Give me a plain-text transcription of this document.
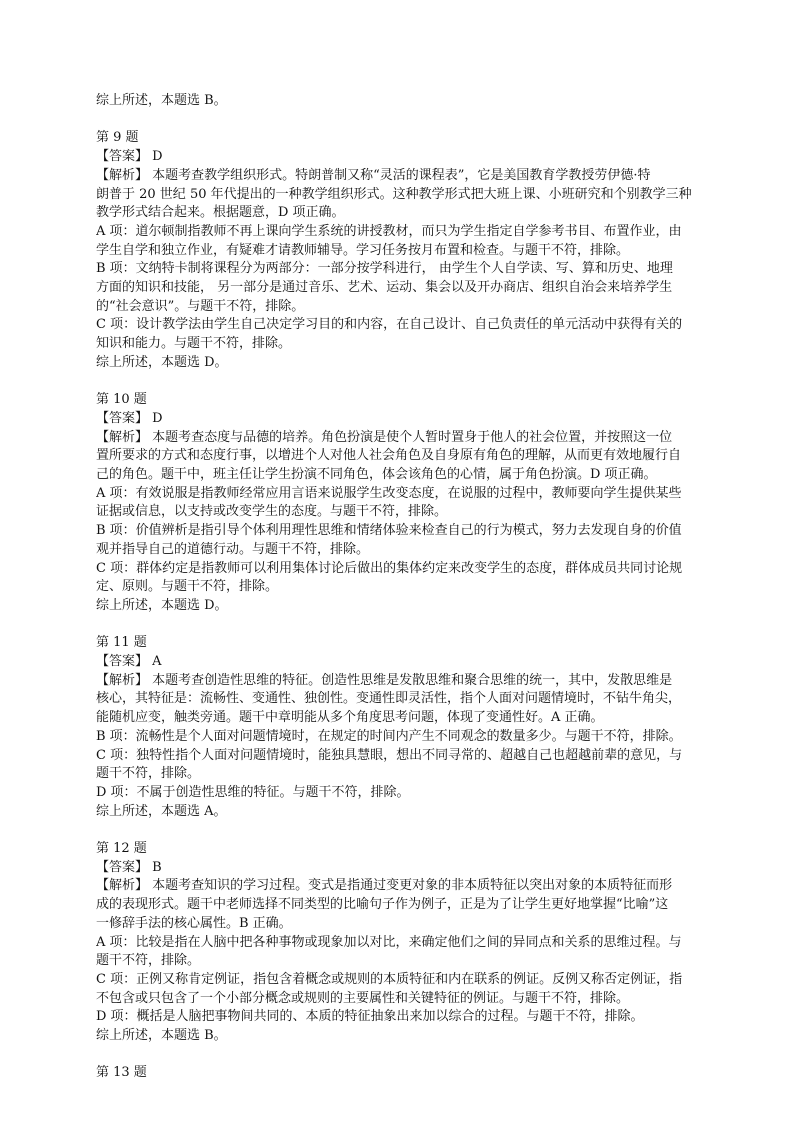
综上所述，本题选 B。
第 9 题
【答案】 D
【解析】 本题考查教学组织形式。特朗普制又称“灵活的课程表”，它是美国教育学教授劳伊德·特
朗普于 20 世纪 50 年代提出的一种教学组织形式。这种教学形式把大班上课、小班研究和个别教学三种
教学形式结合起来。根据题意，D 项正确。
A 项：道尔顿制指教师不再上课向学生系统的讲授教材，而只为学生指定自学参考书目、布置作业，由
学生自学和独立作业，有疑难才请教师辅导。学习任务按月布置和检查。与题干不符，排除。
B 项：文纳特卡制将课程分为两部分：一部分按学科进行， 由学生个人自学读、写、算和历史、地理
方面的知识和技能， 另一部分是通过音乐、艺术、运动、集会以及开办商店、组织自治会来培养学生
的“社会意识”。与题干不符，排除。
C 项：设计教学法由学生自己决定学习目的和内容，在自己设计、自己负责任的单元活动中获得有关的
知识和能力。与题干不符，排除。
综上所述，本题选 D。
第 10 题
【答案】 D
【解析】 本题考查态度与品德的培养。角色扮演是使个人暂时置身于他人的社会位置，并按照这一位
置所要求的方式和态度行事，以增进个人对他人社会角色及自身原有角色的理解，从而更有效地履行自
己的角色。题干中，班主任让学生扮演不同角色，体会该角色的心情，属于角色扮演。D 项正确。
A 项：有效说服是指教师经常应用言语来说服学生改变态度，在说服的过程中，教师要向学生提供某些
证据或信息，以支持或改变学生的态度。与题干不符，排除。
B 项：价值辨析是指引导个体利用理性思维和情绪体验来检查自己的行为模式，努力去发现自身的价值
观并指导自己的道德行动。与题干不符，排除。
C 项：群体约定是指教师可以利用集体讨论后做出的集体约定来改变学生的态度，群体成员共同讨论规
定、原则。与题干不符，排除。
综上所述，本题选 D。
第 11 题
【答案】 A
【解析】 本题考查创造性思维的特征。创造性思维是发散思维和聚合思维的统一，其中，发散思维是
核心，其特征是：流畅性、变通性、独创性。变通性即灵活性，指个人面对问题情境时，不钻牛角尖，
能随机应变，触类旁通。题干中章明能从多个角度思考问题，体现了变通性好。A 正确。
B 项：流畅性是个人面对问题情境时，在规定的时间内产生不同观念的数量多少。与题干不符，排除。
C 项：独特性指个人面对问题情境时，能独具慧眼，想出不同寻常的、超越自己也超越前辈的意见，与
题干不符，排除。
D 项：不属于创造性思维的特征。与题干不符，排除。
综上所述，本题选 A。
第 12 题
【答案】 B
【解析】 本题考查知识的学习过程。变式是指通过变更对象的非本质特征以突出对象的本质特征而形
成的表现形式。题干中老师选择不同类型的比喻句子作为例子，正是为了让学生更好地掌握“比喻”这
一修辞手法的核心属性。B 正确。
A 项：比较是指在人脑中把各种事物或现象加以对比，来确定他们之间的异同点和关系的思维过程。与
题干不符，排除。
C 项：正例又称肯定例证，指包含着概念或规则的本质特征和内在联系的例证。反例又称否定例证，指
不包含或只包含了一个小部分概念或规则的主要属性和关键特征的例证。与题干不符，排除。
D 项：概括是人脑把事物间共同的、本质的特征抽象出来加以综合的过程。与题干不符，排除。
综上所述，本题选 B。
第 13 题
